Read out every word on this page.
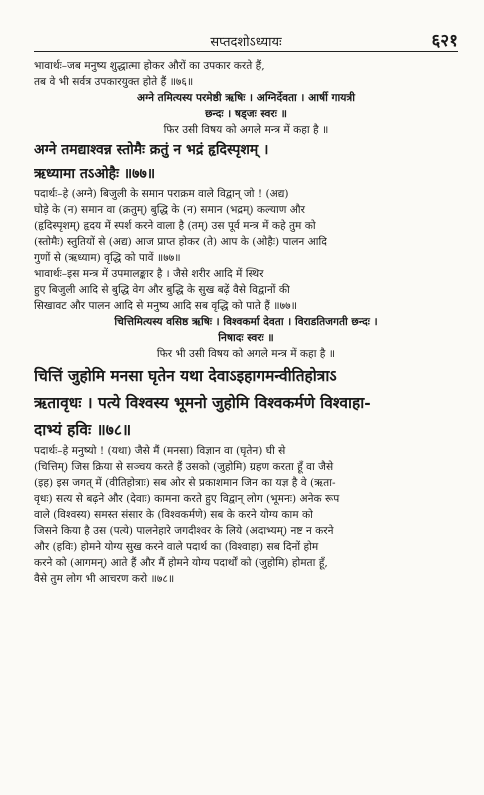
सप्तदशोऽध्यायः	६२१
भावार्थः–जब मनुष्य शुद्धात्मा होकर औरों का उपकार करते हैं,
तब वे भी सर्वत्र उपकारयुक्त होते हैं ॥७६॥
अग्ने तमित्यस्य परमेष्ठी ऋषिः । अग्निर्देवता । आर्षी गायत्री
छन्दः । षड्जः स्वरः ॥
फिर उसी विषय को अगले मन्त्र में कहा है ॥
अग्ने तमद्याश्वन्न स्तोमैः क्रतुं न भद्रं हृदिस्पृशम् ।
ऋध्यामा तऽओहैः ॥७७॥
पदार्थः–हे (अग्ने) बिजुली के समान पराक्रम वाले विद्वान् जो ! (अद्य)
घोड़े के (न) समान वा (क्रतुम्) बुद्धि के (न) समान (भद्रम्) कल्याण और
(हृदिस्पृशम्) हृदय में स्पर्श करने वाला है (तम्) उस पूर्व मन्त्र में कहे तुम को
(स्तोमैः) स्तुतियों से (अद्य) आज प्राप्त होकर (ते) आप के (ओहैः) पालन आदि
गुणों से (ऋध्याम) वृद्धि को पावें ॥७७॥
भावार्थः–इस मन्त्र में उपमालङ्कार है । जैसे शरीर आदि में स्थिर
हुए बिजुली आदि से बुद्धि वेग और बुद्धि के सुख बढ़ें वैसे विद्वानों की
सिखावट और पालन आदि से मनुष्य आदि सब वृद्धि को पाते हैं ॥७७॥
चित्तिमित्यस्य वसिष्ठ ऋषिः । विश्वकर्मा देवता । विराडतिजगती छन्दः ।
निषादः स्वरः ॥
फिर भी उसी विषय को अगले मन्त्र में कहा है ॥
चित्तिं जुहोमि मनसा घृतेन यथा देवाऽइहागमन्वीतिहोत्राऽ
ऋतावृधः । पत्ये विश्वस्य भूमनो जुहोमि विश्वकर्मणे विश्वाहा-
दाभ्यं हविः ॥७८॥
पदार्थः–हे मनुष्यो ! (यथा) जैसे मैं (मनसा) विज्ञान वा (घृतेन) घी से
(चित्तिम्) जिस क्रिया से सञ्चय करते हैं उसको (जुहोमि) ग्रहण करता हूँ वा जैसे
(इह) इस जगत् में (वीतिहोत्राः) सब ओर से प्रकाशमान जिन का यज्ञ है वे (ऋता-
वृधः) सत्य से बढ़ने और (देवाः) कामना करते हुए विद्वान् लोग (भूमनः) अनेक रूप
वाले (विश्वस्य) समस्त संसार के (विश्वकर्मणे) सब के करने योग्य काम को
जिसने किया है उस (पत्ये) पालनेहारे जगदीश्वर के लिये (अदाभ्यम्) नष्ट न करने
और (हविः) होमने योग्य सुख करने वाले पदार्थ का (विश्वाहा) सब दिनों होम
करने को (आगमन्) आते हैं और मैं होमने योग्य पदार्थों को (जुहोमि) होमता हूँ,
वैसे तुम लोग भी आचरण करो ॥७८॥
